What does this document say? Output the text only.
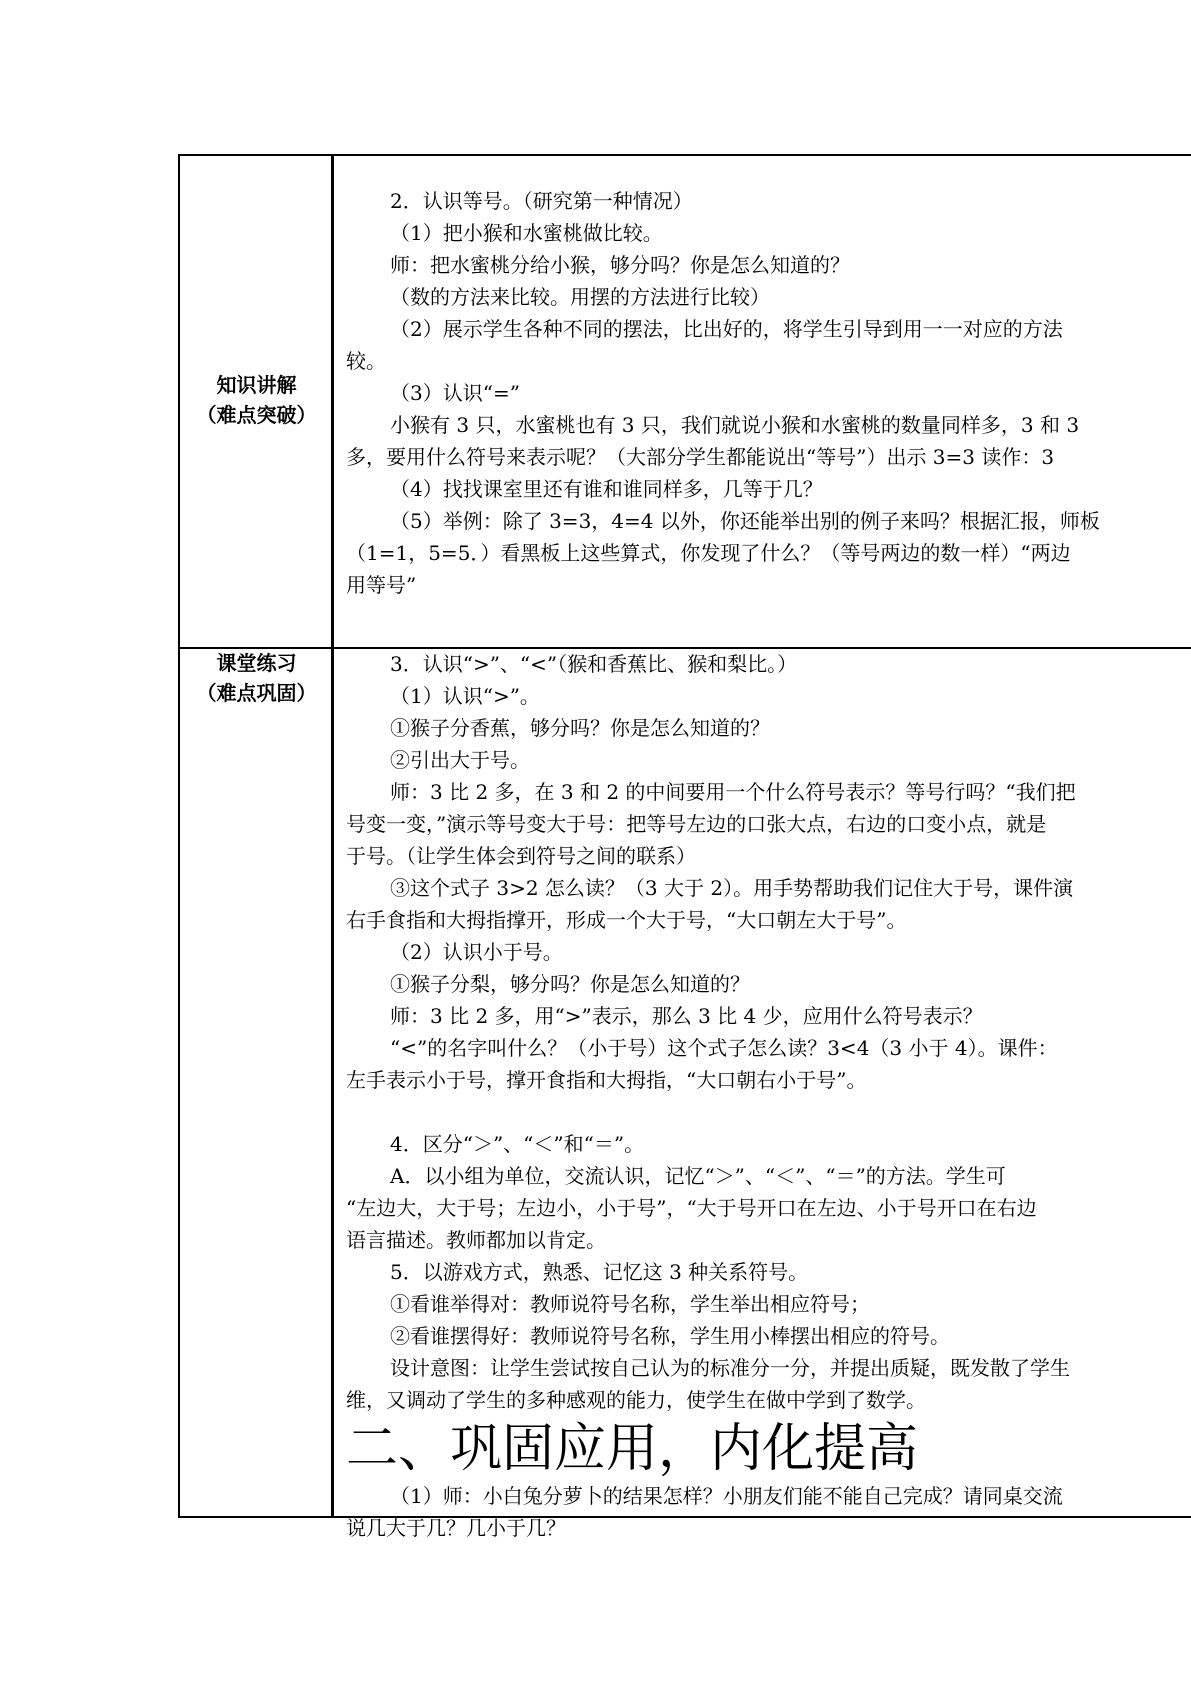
知识讲解
（难点突破）
课堂练习
（难点巩固）
2．认识等号。（研究第一种情况）
（1）把小猴和水蜜桃做比较。
师：把水蜜桃分给小猴，够分吗？你是怎么知道的？
（数的方法来比较。用摆的方法进行比较）
（2）展示学生各种不同的摆法，比出好的，将学生引导到用一一对应的方法
较。
（3）认识“=”
小猴有 3 只，水蜜桃也有 3 只，我们就说小猴和水蜜桃的数量同样多，3 和 3
多，要用什么符号来表示呢？（大部分学生都能说出“等号”）出示 3=3 读作：3
（4）找找课室里还有谁和谁同样多，几等于几？
（5）举例：除了 3=3，4=4 以外，你还能举出别的例子来吗？根据汇报，师板
（1=1，5=5．）看黑板上这些算式，你发现了什么？（等号两边的数一样）“两边
用等号”
3．认识“>”、“<”（猴和香蕉比、猴和梨比。）
（1）认识“>”。
①猴子分香蕉，够分吗？你是怎么知道的？
②引出大于号。
师：3 比 2 多，在 3 和 2 的中间要用一个什么符号表示？等号行吗？“我们把
号变一变，”演示等号变大于号：把等号左边的口张大点，右边的口变小点，就是
于号。（让学生体会到符号之间的联系）
③这个式子 3>2 怎么读？（3 大于 2）。用手势帮助我们记住大于号，课件演
右手食指和大拇指撑开，形成一个大于号，“大口朝左大于号”。
（2）认识小于号。
①猴子分梨，够分吗？你是怎么知道的？
师：3 比 2 多，用“>”表示，那么 3 比 4 少，应用什么符号表示？
“<”的名字叫什么？（小于号）这个式子怎么读？3<4（3 小于 4）。课件：
左手表示小于号，撑开食指和大拇指，“大口朝右小于号”。
4．区分“＞”、“＜”和“＝”。
A．以小组为单位，交流认识，记忆“＞”、“＜”、“＝”的方法。学生可
“左边大，大于号；左边小，小于号”，“大于号开口在左边、小于号开口在右边
语言描述。教师都加以肯定。
5．以游戏方式，熟悉、记忆这 3 种关系符号。
①看谁举得对：教师说符号名称，学生举出相应符号；
②看谁摆得好：教师说符号名称，学生用小棒摆出相应的符号。
设计意图：让学生尝试按自己认为的标准分一分，并提出质疑，既发散了学生
维，又调动了学生的多种感观的能力，使学生在做中学到了数学。
二、巩固应用，内化提高
（1）师：小白兔分萝卜的结果怎样？小朋友们能不能自己完成？请同桌交流
说几大于几？几小于几？
